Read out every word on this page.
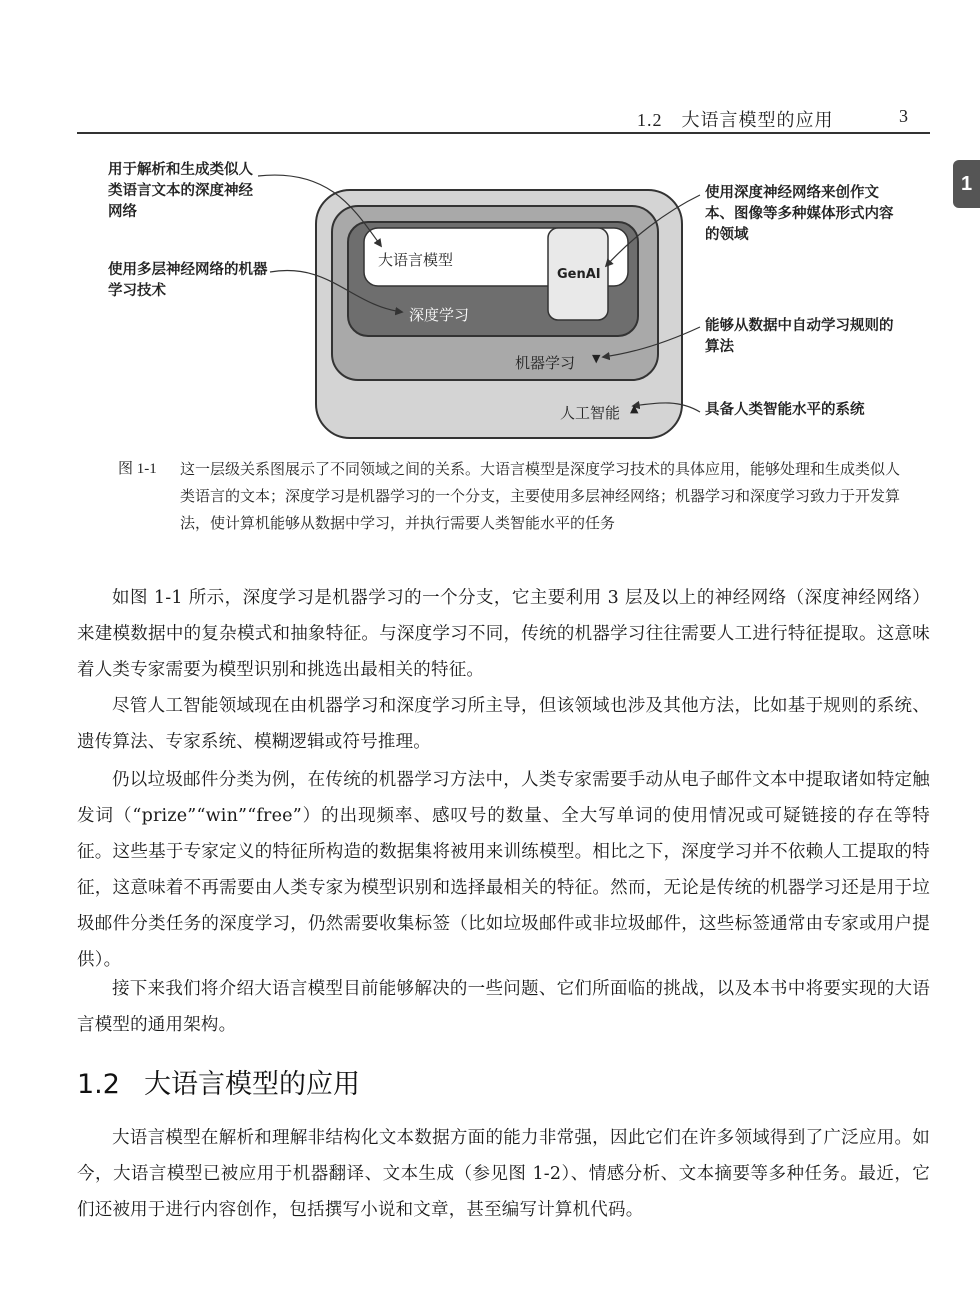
1.2　大语言模型的应用	3
1
用于解析和生成类似人类语言文本的深度神经网络
使用多层神经网络的机器学习技术
使用深度神经网络来创作文本、图像等多种媒体形式内容的领域
能够从数据中自动学习规则的算法
具备人类智能水平的系统
大语言模型
深度学习
机器学习
人工智能
GenAI
▼
▲
图 1-1 这一层级关系图展示了不同领域之间的关系。大语言模型是深度学习技术的具体应用，能够处理和生成类似人类语言的文本；深度学习是机器学习的一个分支，主要使用多层神经网络；机器学习和深度学习致力于开发算法，使计算机能够从数据中学习，并执行需要人类智能水平的任务
如图 1-1 所示，深度学习是机器学习的一个分支，它主要利用 3 层及以上的神经网络（深度神经网络）来建模数据中的复杂模式和抽象特征。与深度学习不同，传统的机器学习往往需要人工进行特征提取。这意味着人类专家需要为模型识别和挑选出最相关的特征。
尽管人工智能领域现在由机器学习和深度学习所主导，但该领域也涉及其他方法，比如基于规则的系统、遗传算法、专家系统、模糊逻辑或符号推理。
仍以垃圾邮件分类为例，在传统的机器学习方法中，人类专家需要手动从电子邮件文本中提取诸如特定触发词（“prize”“win”“free”）的出现频率、感叹号的数量、全大写单词的使用情况或可疑链接的存在等特征。这些基于专家定义的特征所构造的数据集将被用来训练模型。相比之下，深度学习并不依赖人工提取的特征，这意味着不再需要由人类专家为模型识别和选择最相关的特征。然而，无论是传统的机器学习还是用于垃圾邮件分类任务的深度学习，仍然需要收集标签（比如垃圾邮件或非垃圾邮件，这些标签通常由专家或用户提供）。
接下来我们将介绍大语言模型目前能够解决的一些问题、它们所面临的挑战，以及本书中将要实现的大语言模型的通用架构。
1.2 大语言模型的应用
大语言模型在解析和理解非结构化文本数据方面的能力非常强，因此它们在许多领域得到了广泛应用。如今，大语言模型已被应用于机器翻译、文本生成（参见图 1-2）、情感分析、文本摘要等多种任务。最近，它们还被用于进行内容创作，包括撰写小说和文章，甚至编写计算机代码。
